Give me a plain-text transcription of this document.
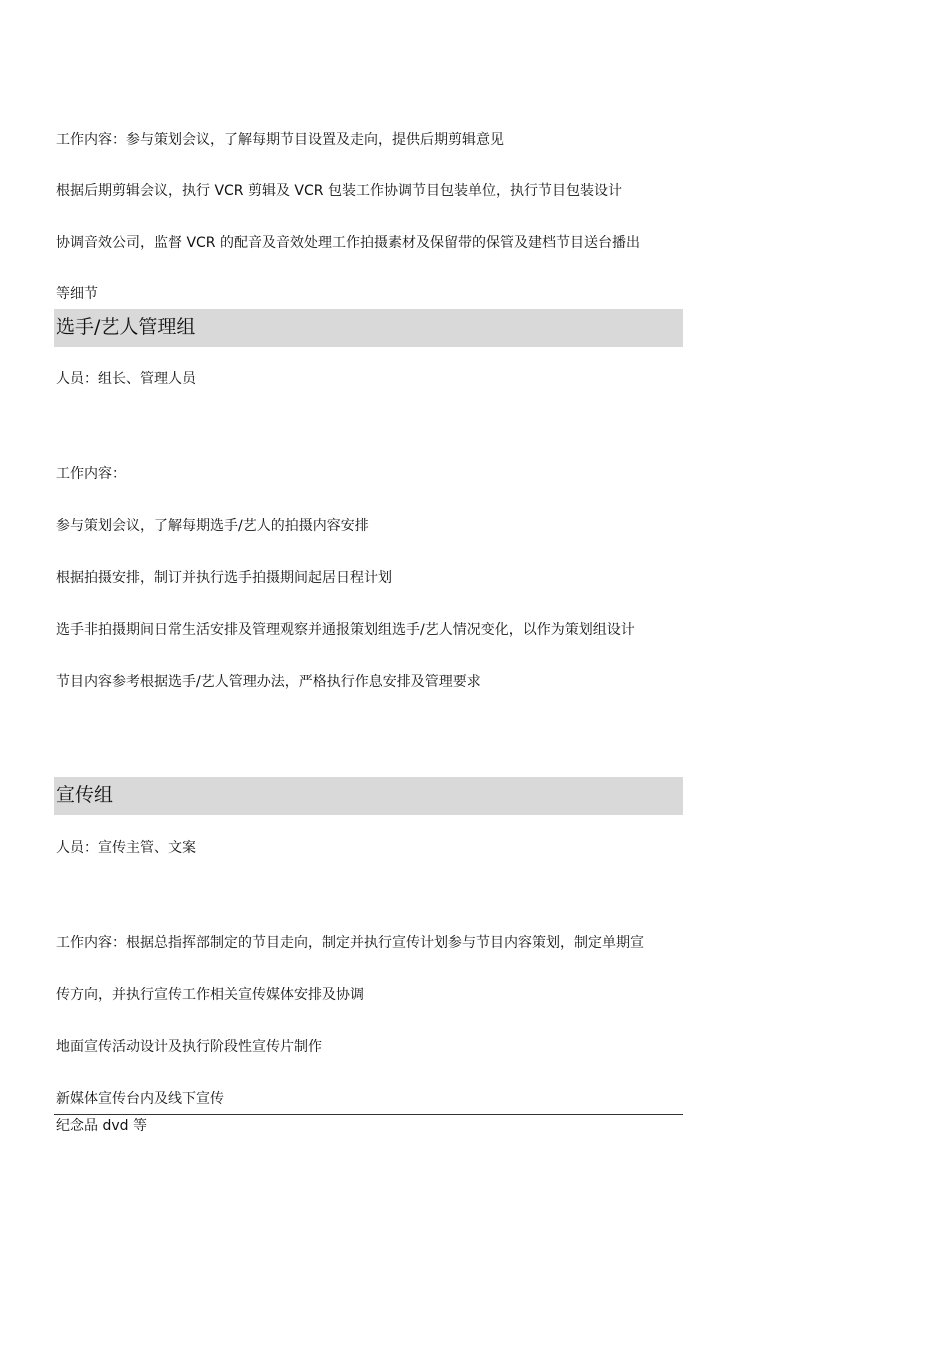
工作内容：参与策划会议，了解每期节目设置及走向，提供后期剪辑意见
根据后期剪辑会议，执行 VCR 剪辑及 VCR 包装工作协调节目包装单位，执行节目包装设计
协调音效公司，监督 VCR 的配音及音效处理工作拍摄素材及保留带的保管及建档节目送台播出
等细节
选手/艺人管理组
人员：组长、管理人员
工作内容：
参与策划会议，了解每期选手/艺人的拍摄内容安排
根据拍摄安排，制订并执行选手拍摄期间起居日程计划
选手非拍摄期间日常生活安排及管理观察并通报策划组选手/艺人情况变化，以作为策划组设计
节目内容参考根据选手/艺人管理办法，严格执行作息安排及管理要求
宣传组
人员：宣传主管、文案
工作内容：根据总指挥部制定的节目走向，制定并执行宣传计划参与节目内容策划，制定单期宣
传方向，并执行宣传工作相关宣传媒体安排及协调
地面宣传活动设计及执行阶段性宣传片制作
新媒体宣传台内及线下宣传
纪念品 dvd 等
